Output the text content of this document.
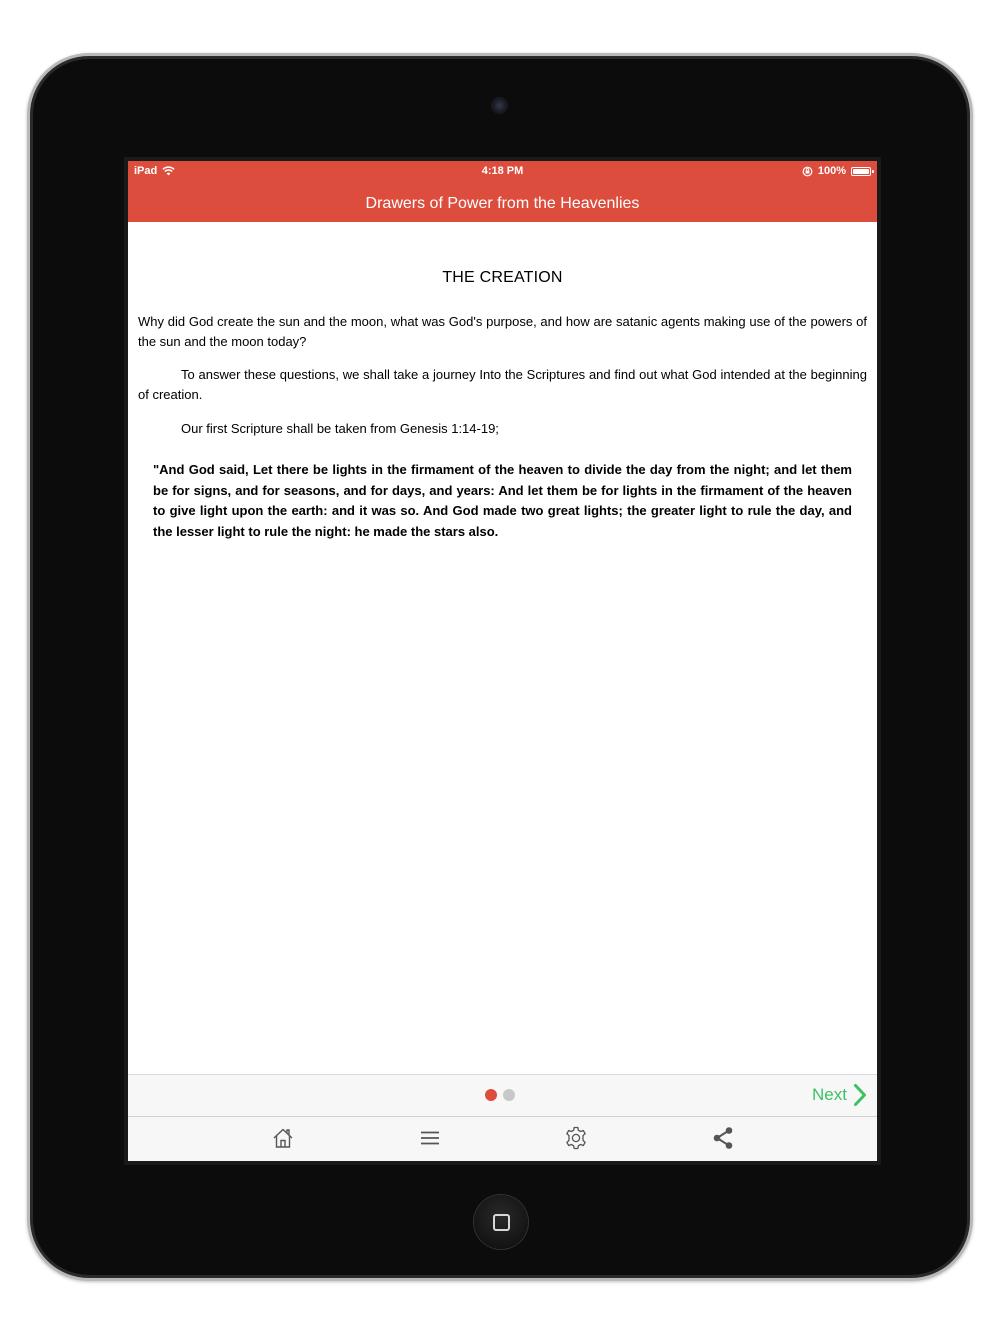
iPad	4:18 PM	100%
Drawers of Power from the Heavenlies
THE CREATION

Why did God create the sun and the moon, what was God's purpose, and how are satanic agents making use of the powers of the sun and the moon today?

To answer these questions, we shall take a journey Into the Scriptures and find out what God intended at the beginning of creation.

Our first Scripture shall be taken from Genesis 1:14-19;

"And God said, Let there be lights in the firmament of the heaven to divide the day from the night; and let them be for signs, and for seasons, and for days, and years: And let them be for lights in the firmament of the heaven to give light upon the earth: and it was so. And God made two great lights; the greater light to rule the day, and the lesser light to rule the night: he made the stars also.

Next
